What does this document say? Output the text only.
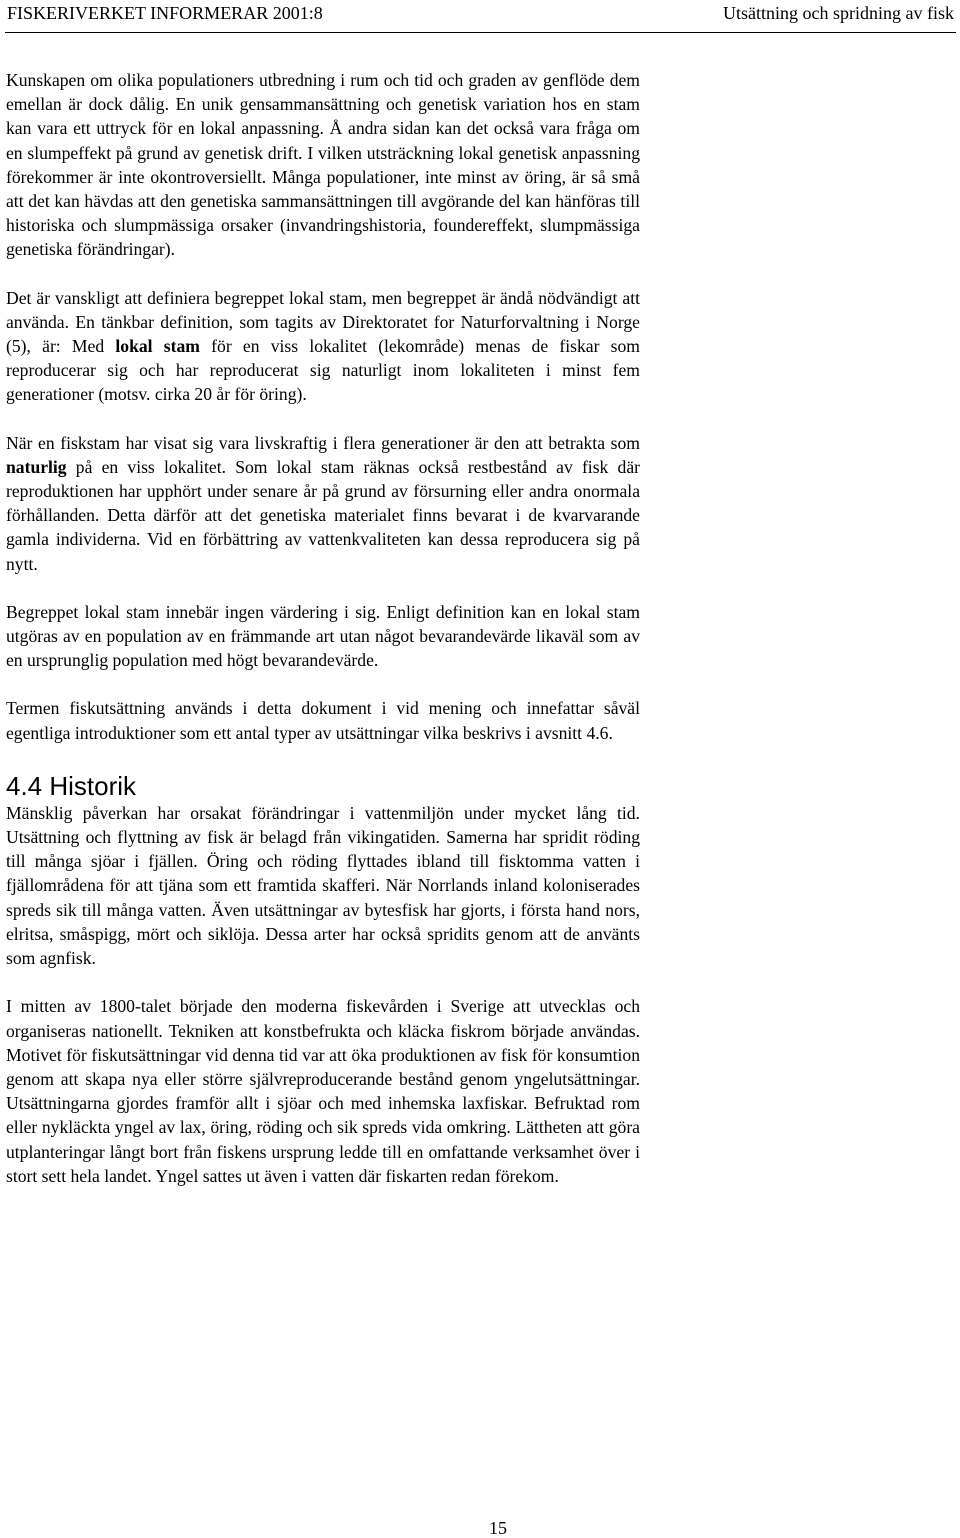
FISKERIVERKET INFORMERAR 2001:8	Utsättning och spridning av fisk

Kunskapen om olika populationers utbredning i rum och tid och graden av genflöde dem emellan är dock dålig. En unik gensammansättning och genetisk variation hos en stam kan vara ett uttryck för en lokal anpassning. Å andra sidan kan det också vara fråga om en slumpeffekt på grund av genetisk drift. I vilken utsträckning lokal genetisk anpassning förekommer är inte okontroversiellt. Många populationer, inte minst av öring, är så små att det kan hävdas att den genetiska sammansättningen till avgörande del kan hänföras till historiska och slumpmässiga orsaker (invandringshistoria, foundereffekt, slumpmässiga genetiska förändringar).

Det är vanskligt att definiera begreppet lokal stam, men begreppet är ändå nödvändigt att använda. En tänkbar definition, som tagits av Direktoratet for Naturforvaltning i Norge (5), är: Med lokal stam för en viss lokalitet (lekområde) menas de fiskar som reproducerar sig och har reproducerat sig naturligt inom lokaliteten i minst fem generationer (motsv. cirka 20 år för öring).

När en fiskstam har visat sig vara livskraftig i flera generationer är den att betrakta som naturlig på en viss lokalitet. Som lokal stam räknas också restbestånd av fisk där reproduktionen har upphört under senare år på grund av försurning eller andra onormala förhållanden. Detta därför att det genetiska materialet finns bevarat i de kvarvarande gamla individerna. Vid en förbättring av vattenkvaliteten kan dessa reproducera sig på nytt.

Begreppet lokal stam innebär ingen värdering i sig. Enligt definition kan en lokal stam utgöras av en population av en främmande art utan något bevarandevärde likaväl som av en ursprunglig population med högt bevarandevärde.

Termen fiskutsättning används i detta dokument i vid mening och innefattar såväl egentliga introduktioner som ett antal typer av utsättningar vilka beskrivs i avsnitt 4.6.

4.4 Historik

Mänsklig påverkan har orsakat förändringar i vattenmiljön under mycket lång tid. Utsättning och flyttning av fisk är belagd från vikingatiden. Samerna har spridit röding till många sjöar i fjällen. Öring och röding flyttades ibland till fisktomma vatten i fjällområdena för att tjäna som ett framtida skafferi. När Norrlands inland koloniserades spreds sik till många vatten. Även utsättningar av bytesfisk har gjorts, i första hand nors, elritsa, småspigg, mört och siklöja. Dessa arter har också spridits genom att de använts som agnfisk.

I mitten av 1800-talet började den moderna fiskevården i Sverige att utvecklas och organiseras nationellt. Tekniken att konstbefrukta och kläcka fiskrom började användas. Motivet för fiskutsättningar vid denna tid var att öka produktionen av fisk för konsumtion genom att skapa nya eller större självreproducerande bestånd genom yngelutsättningar. Utsättningarna gjordes framför allt i sjöar och med inhemska laxfiskar. Befruktad rom eller nykläckta yngel av lax, öring, röding och sik spreds vida omkring. Lättheten att göra utplanteringar långt bort från fiskens ursprung ledde till en omfattande verksamhet över i stort sett hela landet. Yngel sattes ut även i vatten där fiskarten redan förekom.

15
